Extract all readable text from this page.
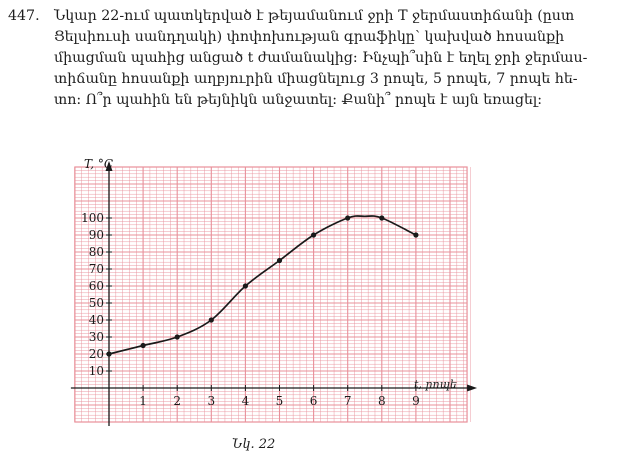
447. Նկար 22-ում պատկերված է թեյամանում ջրի T ջերմաստիճանի (ըստ
Ցելսիուսի սանդղակի) փոփոխության գրաֆիկը՝ կախված հոսանքի
միացման պահից անցած t ժամանակից: Ինչպի՞սին է եղել ջրի ջերմաս-
տիճանը հոսանքի աղբյուրին միացնելուց 3 րոպե, 5 րոպե, 7 րոպե հե-
տո: Ո՞ր պահին են թեյնիկն անջատել: Քանի՞ րոպե է այն եռացել:
1 2 3 4 5 6 7 8 9
10
20
30
40
50
60
70
80
90
100
T, °C
t, րոպե
Նկ. 22
